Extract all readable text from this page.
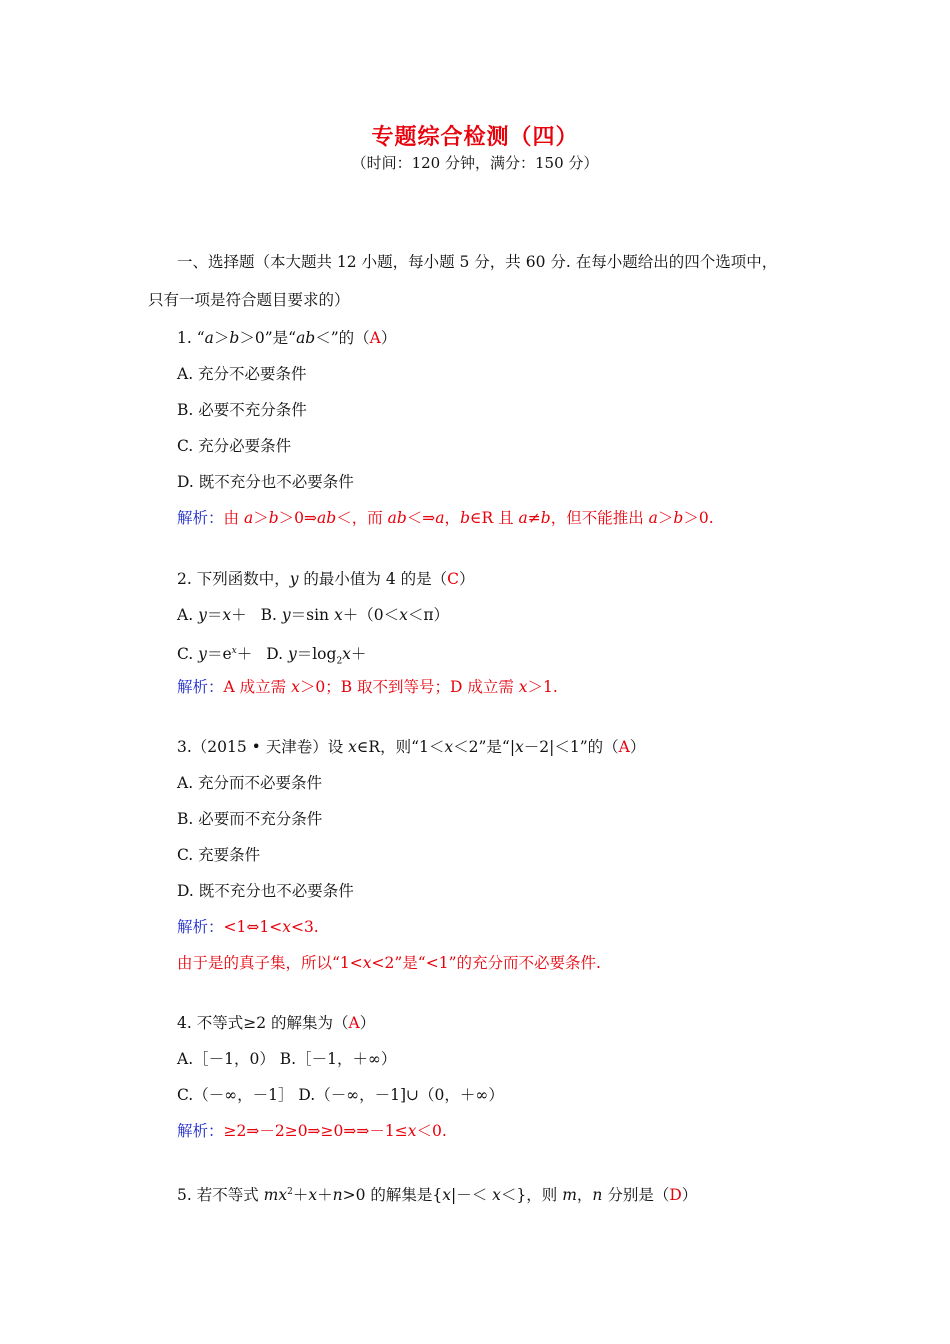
专题综合检测（四）
（时间：120 分钟，满分：150 分）
一、选择题（本大题共 12 小题，每小题 5 分，共 60 分. 在每小题给出的四个选项中，
只有一项是符合题目要求的）
1. “a＞b＞0”是“ab＜”的（A）
A. 充分不必要条件
B. 必要不充分条件
C. 充分必要条件
D. 既不充分也不必要条件
解析：由 a＞b＞0⇒ab＜，而 ab＜⇒a，b∈R 且 a≠b，但不能推出 a＞b＞0.
2. 下列函数中，y 的最小值为 4 的是（C）
A. y＝x＋ B. y＝sin x＋（0＜x＜π）
C. $y=e^x+ D$. $y=\log_2x+$
解析：A 成立需 x＞0；B 取不到等号；D 成立需 x＞1.
3.（2015 • 天津卷）设 x∈R，则“1＜x＜2”是“|x－2|＜1”的（A）
A. 充分而不必要条件
B. 必要而不充分条件
C. 充要条件
D. 既不充分也不必要条件
解析：<1⇔1<x<3.
由于是的真子集，所以“1<x<2”是“<1”的充分而不必要条件.
4. 不等式≥2 的解集为（A）
A.［－1，0） B.［－1，＋∞）
C.（－∞，－1］ D.（－∞，－1]∪（0，＋∞）
解析：≥2⇒－2≥0⇒≥0⇒⇒－1≤x＜0.
5. 若不等式 $mx^2+x+n>0$ 的解集是{x|－＜ x＜}，则 m，n 分别是（D）
